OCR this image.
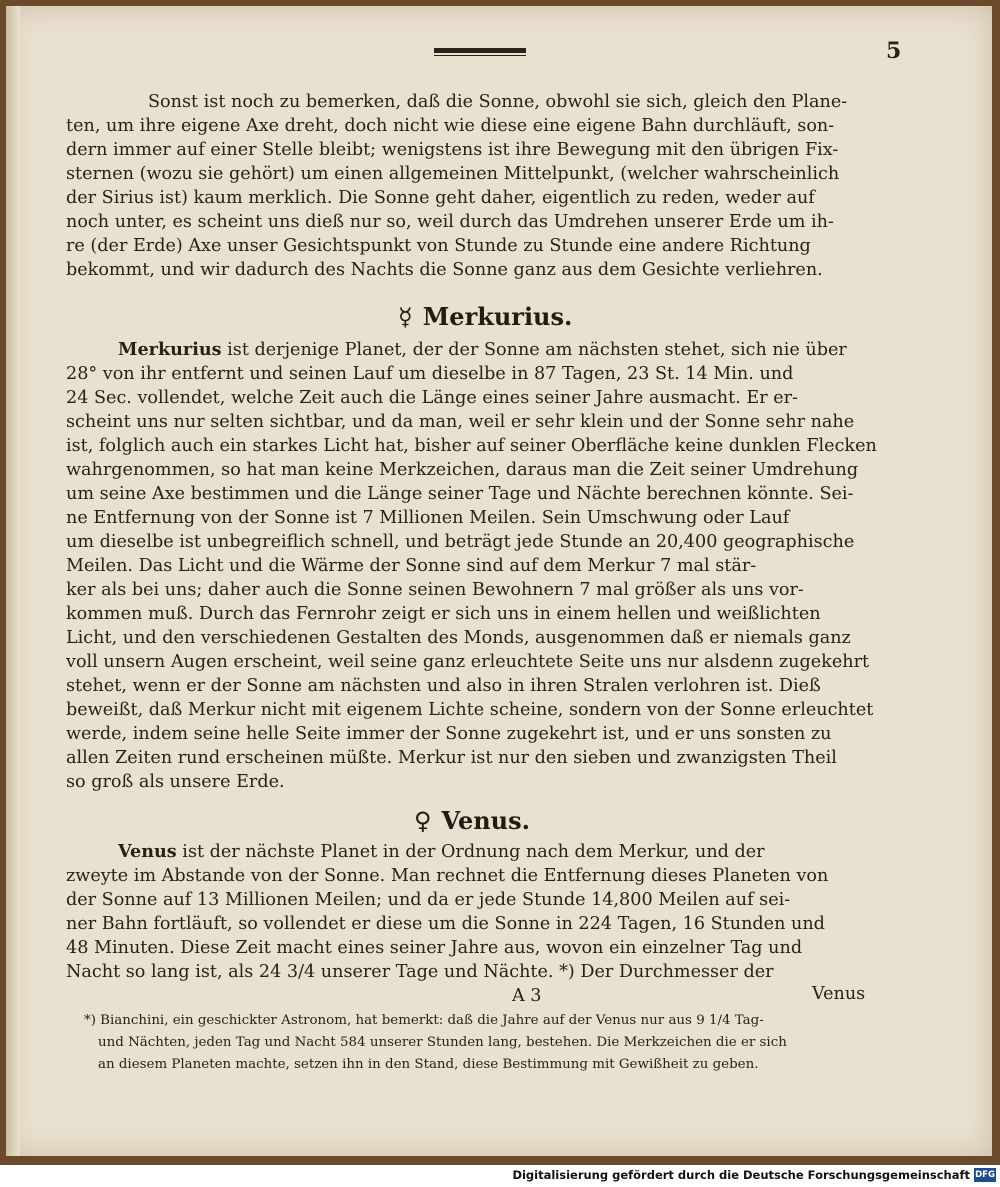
5
Sonst ist noch zu bemerken, daß die Sonne, obwohl sie sich, gleich den Plane-
ten, um ihre eigene Axe dreht, doch nicht wie diese eine eigene Bahn durchläuft, son-
dern immer auf einer Stelle bleibt; wenigstens ist ihre Bewegung mit den übrigen Fix-
sternen (wozu sie gehört) um einen allgemeinen Mittelpunkt, (welcher wahrscheinlich
der Sirius ist) kaum merklich. Die Sonne geht daher, eigentlich zu reden, weder auf
noch unter, es scheint uns dieß nur so, weil durch das Umdrehen unserer Erde um ih-
re (der Erde) Axe unser Gesichtspunkt von Stunde zu Stunde eine andere Richtung
bekommt, und wir dadurch des Nachts die Sonne ganz aus dem Gesichte verliehren.
☿ Merkurius.
Merkurius ist derjenige Planet, der der Sonne am nächsten stehet, sich nie über
28° von ihr entfernt und seinen Lauf um dieselbe in 87 Tagen, 23 St. 14 Min. und
24 Sec. vollendet, welche Zeit auch die Länge eines seiner Jahre ausmacht. Er er-
scheint uns nur selten sichtbar, und da man, weil er sehr klein und der Sonne sehr nahe
ist, folglich auch ein starkes Licht hat, bisher auf seiner Oberfläche keine dunklen Flecken
wahrgenommen, so hat man keine Merkzeichen, daraus man die Zeit seiner Umdrehung
um seine Axe bestimmen und die Länge seiner Tage und Nächte berechnen könnte. Sei-
ne Entfernung von der Sonne ist 7 Millionen Meilen. Sein Umschwung oder Lauf
um dieselbe ist unbegreiflich schnell, und beträgt jede Stunde an 20,400 geographische
Meilen. Das Licht und die Wärme der Sonne sind auf dem Merkur 7 mal stär-
ker als bei uns; daher auch die Sonne seinen Bewohnern 7 mal größer als uns vor-
kommen muß. Durch das Fernrohr zeigt er sich uns in einem hellen und weißlichten
Licht, und den verschiedenen Gestalten des Monds, ausgenommen daß er niemals ganz
voll unsern Augen erscheint, weil seine ganz erleuchtete Seite uns nur alsdenn zugekehrt
stehet, wenn er der Sonne am nächsten und also in ihren Stralen verlohren ist. Dieß
beweißt, daß Merkur nicht mit eigenem Lichte scheine, sondern von der Sonne erleuchtet
werde, indem seine helle Seite immer der Sonne zugekehrt ist, und er uns sonsten zu
allen Zeiten rund erscheinen müßte. Merkur ist nur den sieben und zwanzigsten Theil
so groß als unsere Erde.
♀ Venus.
Venus ist der nächste Planet in der Ordnung nach dem Merkur, und der
zweyte im Abstande von der Sonne. Man rechnet die Entfernung dieses Planeten von
der Sonne auf 13 Millionen Meilen; und da er jede Stunde 14,800 Meilen auf sei-
ner Bahn fortläuft, so vollendet er diese um die Sonne in 224 Tagen, 16 Stunden und
48 Minuten. Diese Zeit macht eines seiner Jahre aus, wovon ein einzelner Tag und
Nacht so lang ist, als 24 3/4 unserer Tage und Nächte. *) Der Durchmesser der
A 3	Venus
*) Bianchini, ein geschickter Astronom, hat bemerkt: daß die Jahre auf der Venus nur aus 9 1/4 Tag-
und Nächten, jeden Tag und Nacht 584 unserer Stunden lang, bestehen. Die Merkzeichen die er sich
an diesem Planeten machte, setzen ihn in den Stand, diese Bestimmung mit Gewißheit zu geben.
Digitalisierung gefördert durch die Deutsche Forschungsgemeinschaft DFG
